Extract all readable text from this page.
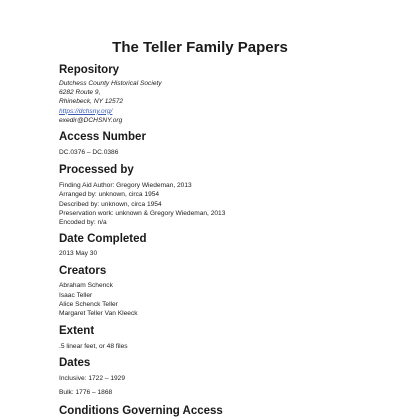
The Teller Family Papers
Repository
Dutchess County Historical Society
6282 Route 9,
Rhinebeck, NY 12572
https://dchsny.org/
exedir@DCHSNY.org
Access Number
DC.0376 – DC.0386
Processed by
Finding Aid Author: Gregory Wiedeman, 2013
Arranged by: unknown, circa 1954
Described by: unknown, circa 1954
Preservation work: unknown & Gregory Wiedeman, 2013
Encoded by: n/a
Date Completed
2013 May 30
Creators
Abraham Schenck
Isaac Teller
Alice Schenck Teller
Margaret Teller Van Kleeck
Extent
.5 linear feet, or 48 files
Dates
Inclusive: 1722 – 1929
Bulk: 1776 – 1868
Conditions Governing Access
